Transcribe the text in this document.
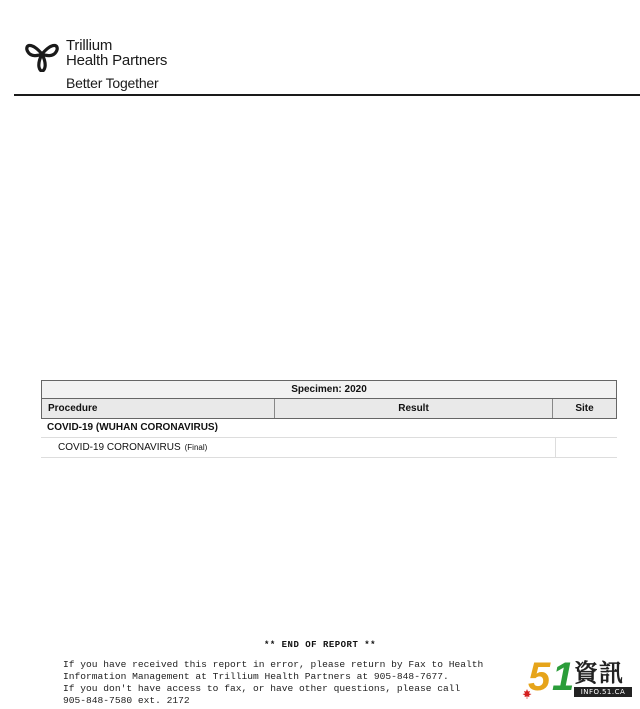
Trillium
Health Partners
Better Together
Specimen: 2020
Procedure	Result	Site
COVID-19 (WUHAN CORONAVIRUS)
COVID-19 CORONAVIRUS (Final)
** END OF REPORT **
If you have received this report in error, please return by Fax to Health
Information Management at Trillium Health Partners at 905-848-7677.
If you don't have access to fax, or have other questions, please call
905-848-7580 ext. 2172
5 1 資訊
INFO.51.CA
